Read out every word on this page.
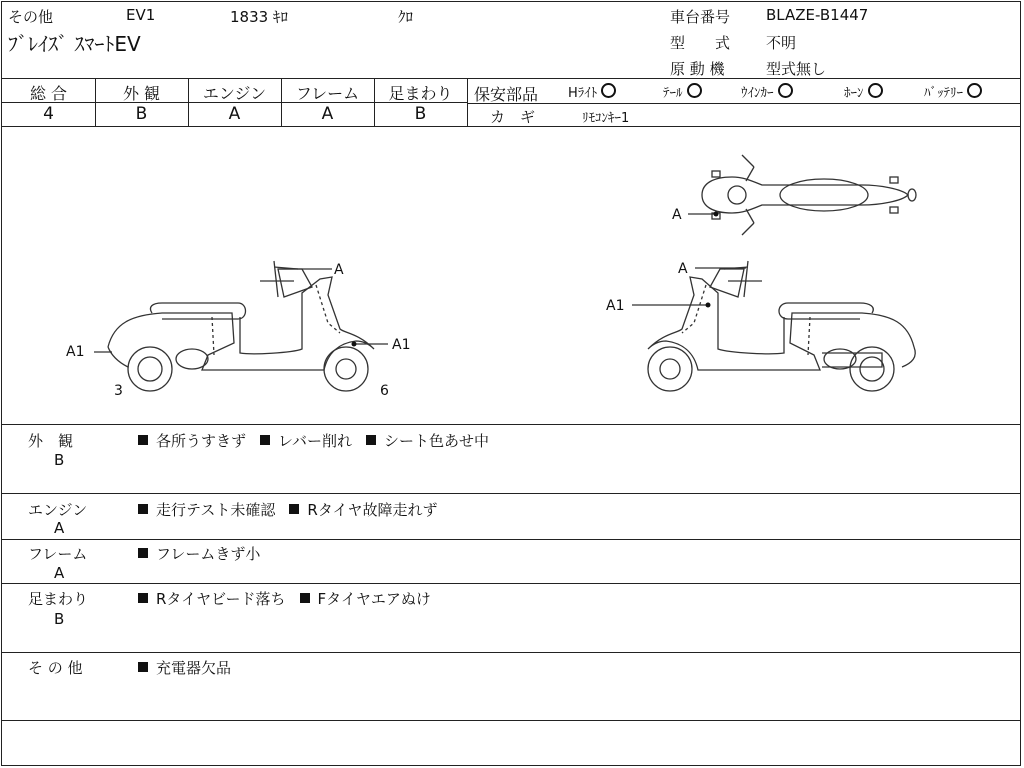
その他	EV1	1833 ｷﾛ	ｸﾛ
ﾌﾞﾚｲｽﾞ ｽﾏｰﾄEV
車台番号 BLAZE-B1447
型　　式 不明
原 動 機	型式無し
総 合
4
外 観
B
エンジン
A
フレーム
A
足まわり
B
保安部品 Hﾗｲﾄ	ﾃｰﾙ	ｳｲﾝｶｰ	ﾎｰﾝ	ﾊﾞｯﾃﾘｰ
カ　ギ	ﾘﾓｺﾝｷｰ1
A
A1	A1
3	6
A
A1
A
外　観
B
各所うすきず レバー削れ シート色あせ中
エンジン
A
走行テスト未確認 Rタイヤ故障走れず
フレーム
A
フレームきず小
足まわり
B
Rタイヤビード落ち Fタイヤエアぬけ
そ の 他	充電器欠品
